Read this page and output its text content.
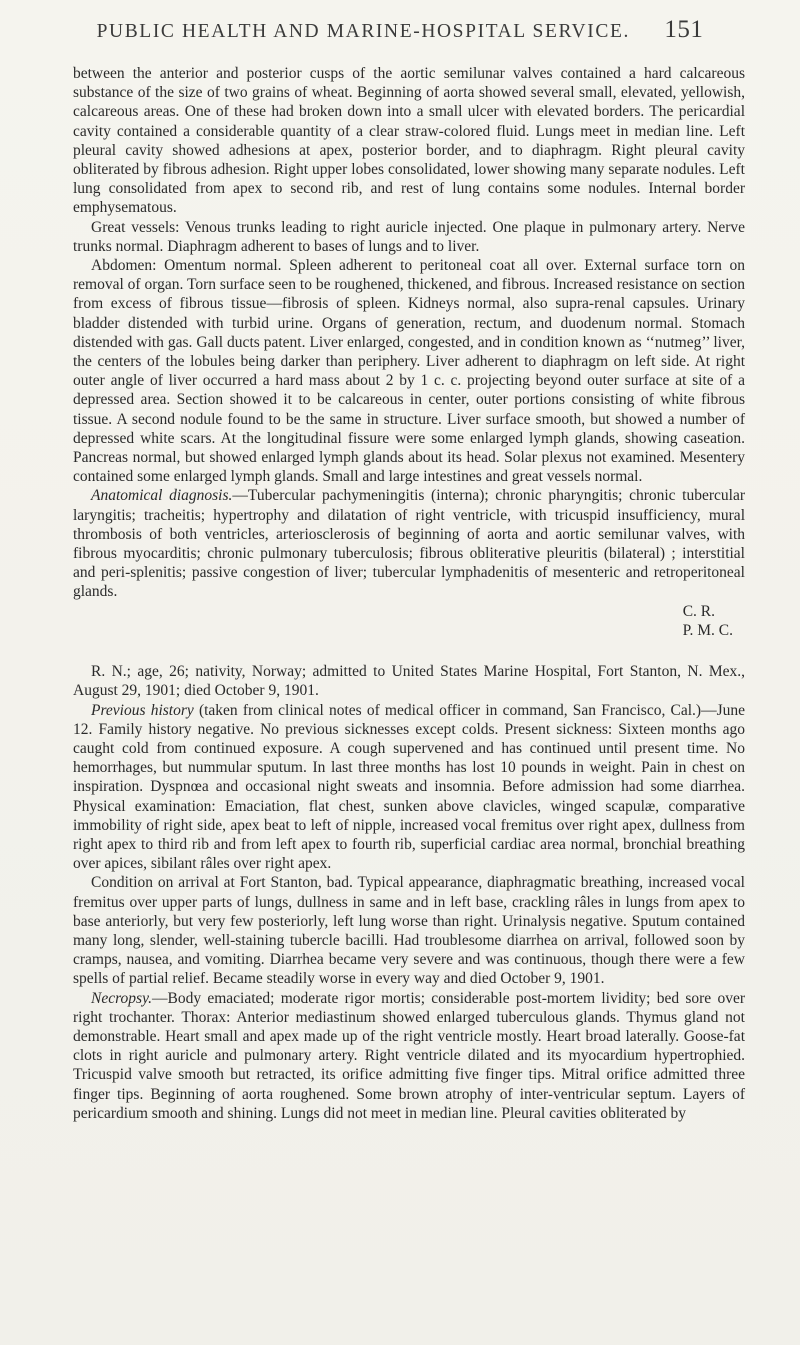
PUBLIC HEALTH AND MARINE-HOSPITAL SERVICE. 151

between the anterior and posterior cusps of the aortic semilunar valves contained a hard calcareous substance of the size of two grains of wheat. Beginning of aorta showed several small, elevated, yellowish, calcareous areas. One of these had broken down into a small ulcer with elevated borders. The pericardial cavity contained a considerable quantity of a clear straw-colored fluid. Lungs meet in median line. Left pleural cavity showed adhesions at apex, posterior border, and to diaphragm. Right pleural cavity obliterated by fibrous adhesion. Right upper lobes consolidated, lower showing many separate nodules. Left lung consolidated from apex to second rib, and rest of lung contains some nodules. Internal border emphysematous.

Great vessels: Venous trunks leading to right auricle injected. One plaque in pulmonary artery. Nerve trunks normal. Diaphragm adherent to bases of lungs and to liver.

Abdomen: Omentum normal. Spleen adherent to peritoneal coat all over. External surface torn on removal of organ. Torn surface seen to be roughened, thickened, and fibrous. Increased resistance on section from excess of fibrous tissue—fibrosis of spleen. Kidneys normal, also supra-renal capsules. Urinary bladder distended with turbid urine. Organs of generation, rectum, and duodenum normal. Stomach distended with gas. Gall ducts patent. Liver enlarged, congested, and in condition known as ‘‘nutmeg’’ liver, the centers of the lobules being darker than periphery. Liver adherent to diaphragm on left side. At right outer angle of liver occurred a hard mass about 2 by 1 c. c. projecting beyond outer surface at site of a depressed area. Section showed it to be calcareous in center, outer portions consisting of white fibrous tissue. A second nodule found to be the same in structure. Liver surface smooth, but showed a number of depressed white scars. At the longitudinal fissure were some enlarged lymph glands, showing caseation. Pancreas normal, but showed enlarged lymph glands about its head. Solar plexus not examined. Mesentery contained some enlarged lymph glands. Small and large intestines and great vessels normal.

Anatomical diagnosis.—Tubercular pachymeningitis (interna); chronic pharyngitis; chronic tubercular laryngitis; tracheitis; hypertrophy and dilatation of right ventricle, with tricuspid insufficiency, mural thrombosis of both ventricles, arteriosclerosis of beginning of aorta and aortic semilunar valves, with fibrous myocarditis; chronic pulmonary tuberculosis; fibrous obliterative pleuritis (bilateral) ; interstitial and peri-splenitis; passive congestion of liver; tubercular lymphadenitis of mesenteric and retroperitoneal glands.

C. R.
P. M. C.

R. N.; age, 26; nativity, Norway; admitted to United States Marine Hospital, Fort Stanton, N. Mex., August 29, 1901; died October 9, 1901.

Previous history (taken from clinical notes of medical officer in command, San Francisco, Cal.)—June 12. Family history negative. No previous sicknesses except colds. Present sickness: Sixteen months ago caught cold from continued exposure. A cough supervened and has continued until present time. No hemorrhages, but nummular sputum. In last three months has lost 10 pounds in weight. Pain in chest on inspiration. Dyspnœa and occasional night sweats and insomnia. Before admission had some diarrhea. Physical examination: Emaciation, flat chest, sunken above clavicles, winged scapulæ, comparative immobility of right side, apex beat to left of nipple, increased vocal fremitus over right apex, dullness from right apex to third rib and from left apex to fourth rib, superficial cardiac area normal, bronchial breathing over apices, sibilant râles over right apex.

Condition on arrival at Fort Stanton, bad. Typical appearance, diaphragmatic breathing, increased vocal fremitus over upper parts of lungs, dullness in same and in left base, crackling râles in lungs from apex to base anteriorly, but very few posteriorly, left lung worse than right. Urinalysis negative. Sputum contained many long, slender, well-staining tubercle bacilli. Had troublesome diarrhea on arrival, followed soon by cramps, nausea, and vomiting. Diarrhea became very severe and was continuous, though there were a few spells of partial relief. Became steadily worse in every way and died October 9, 1901.

Necropsy.—Body emaciated; moderate rigor mortis; considerable post-mortem lividity; bed sore over right trochanter. Thorax: Anterior mediastinum showed enlarged tuberculous glands. Thymus gland not demonstrable. Heart small and apex made up of the right ventricle mostly. Heart broad laterally. Goose-fat clots in right auricle and pulmonary artery. Right ventricle dilated and its myocardium hypertrophied. Tricuspid valve smooth but retracted, its orifice admitting five finger tips. Mitral orifice admitted three finger tips. Beginning of aorta roughened. Some brown atrophy of inter-ventricular septum. Layers of pericardium smooth and shining. Lungs did not meet in median line. Pleural cavities obliterated by
